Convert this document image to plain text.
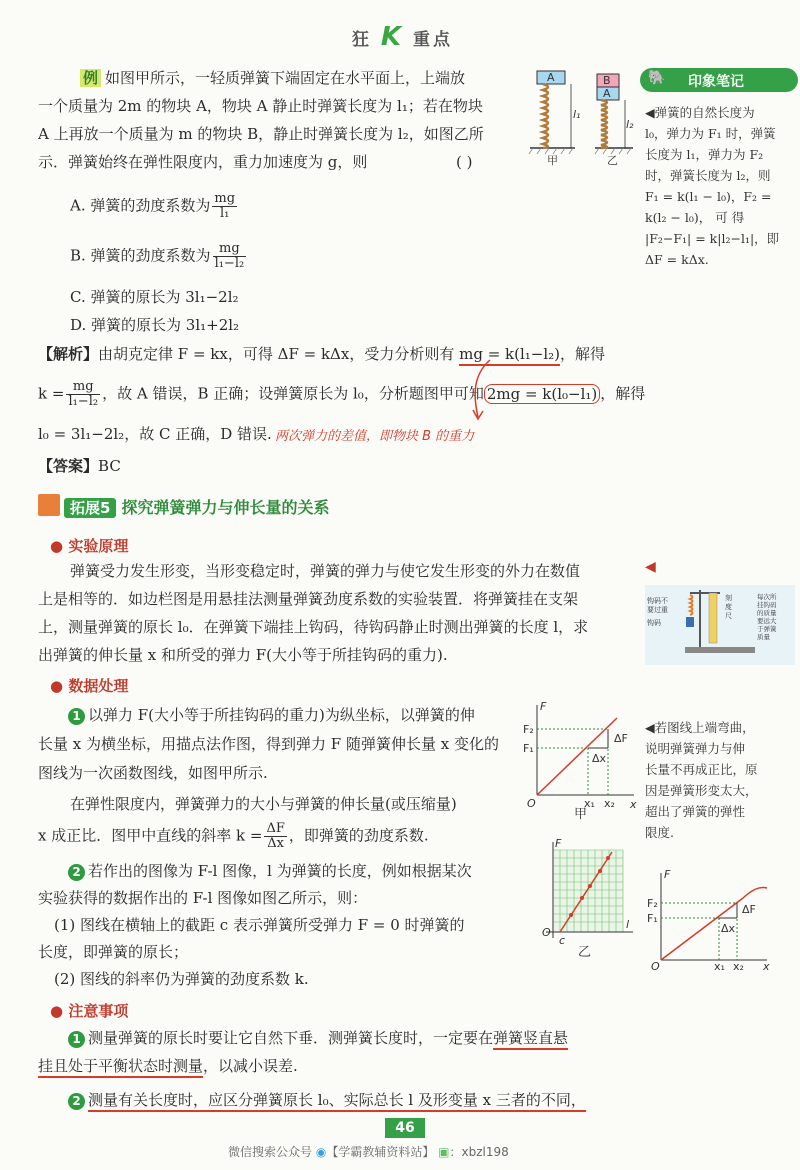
狂 K 重点
例 如图甲所示，一轻质弹簧下端固定在水平面上，上端放
一个质量为 2m 的物块 A，物块 A 静止时弹簧长度为 l₁；若在物块
A 上再放一个质量为 m 的物块 B，静止时弹簧长度为 l₂，如图乙所
示．弹簧始终在弹性限度内，重力加速度为 g，则	( )
A
l₁
B
A
l₂
甲	乙
A. 弹簧的劲度系数为 $\frac{mg}{\text{l₁}}$
B. 弹簧的劲度系数为 $\frac{mg}{\text{l₁−l₂}}$
C. 弹簧的原长为 3l₁−2l₂
D. 弹簧的原长为 3l₁+2l₂
【解析】由胡克定律 F = kx，可得 ΔF = kΔx，受力分析则有 mg = k(l₁−l₂)，解得
$k = \frac{mg}{\text{l₁−l₂}}$ ，故 A 错误，B 正确；设弹簧原长为 l₀，分析题图甲可知 2mg = k(l₀−l₁) ，解得
l₀ = 3l₁−2l₂，故 C 正确，D 错误. 两次弹力的差值，即物块 B 的重力
【答案】BC
拓展5 探究弹簧弹力与伸长量的关系
● 实验原理
弹簧受力发生形变，当形变稳定时，弹簧的弹力与使它发生形变的外力在数值
上是相等的．如边栏图是用悬挂法测量弹簧劲度系数的实验装置．将弹簧挂在支架
上，测量弹簧的原长 l₀．在弹簧下端挂上钩码，待钩码静止时测出弹簧的长度 l，求
出弹簧的伸长量 x 和所受的弹力 F(大小等于所挂钩码的重力).
● 数据处理
1 以弹力 F(大小等于所挂钩码的重力)为纵坐标，以弹簧的伸
长量 x 为横坐标，用描点法作图，得到弹力 F 随弹簧伸长量 x 变化的
图线为一次函数图线，如图甲所示.
在弹性限度内，弹簧弹力的大小与弹簧的伸长量(或压缩量)
x 成正比．图甲中直线的斜率 $k = \frac{\Delta F}{\Delta x}$ ，即弹簧的劲度系数.
2 若作出的图像为 F-l 图像，l 为弹簧的长度，例如根据某次
实验获得的数据作出的 F-l 图像如图乙所示，则：
(1) 图线在横轴上的截距 c 表示弹簧所受弹力 F = 0 时弹簧的
长度，即弹簧的原长；
(2) 图线的斜率仍为弹簧的劲度系数 k.
● 注意事项
1 测量弹簧的原长时要让它自然下垂．测弹簧长度时，一定要在弹簧竖直悬
挂且处于平衡状态时测量，以减小误差.
2 测量有关长度时，应区分弹簧原长 l₀、实际总长 l 及形变量 x 三者的不同，
🐘 印象笔记
◀弹簧的自然长度为
l₀，弹力为 F₁ 时，弹簧
长度为 l₁，弹力为 F₂
时，弹簧长度为 l₂，则
F₁ = k(l₁ − l₀)，F₂ =
k(l₂ − l₀)， 可 得
|F₂−F₁| = k|l₂−l₁|，即
ΔF = kΔx.
◀
钩码不
要过重
钩码
刻
度
尺
每次所
挂钩码
的质量
要远大
于弹簧
质量
◀若图线上端弯曲，
说明弹簧弹力与伸
长量不再成正比，原
因是弹簧形变太大，
超出了弹簧的弹性
限度.
F
x
O
F₁
F₂
x₁ x₂
ΔF
Δx
甲
F
l
O
c
乙
F
x
O
F₁
F₂
x₁ x₂
ΔF
Δx
46
微信搜索公众号 ◉【学霸教辅资料站】 ▣：xbzl198
